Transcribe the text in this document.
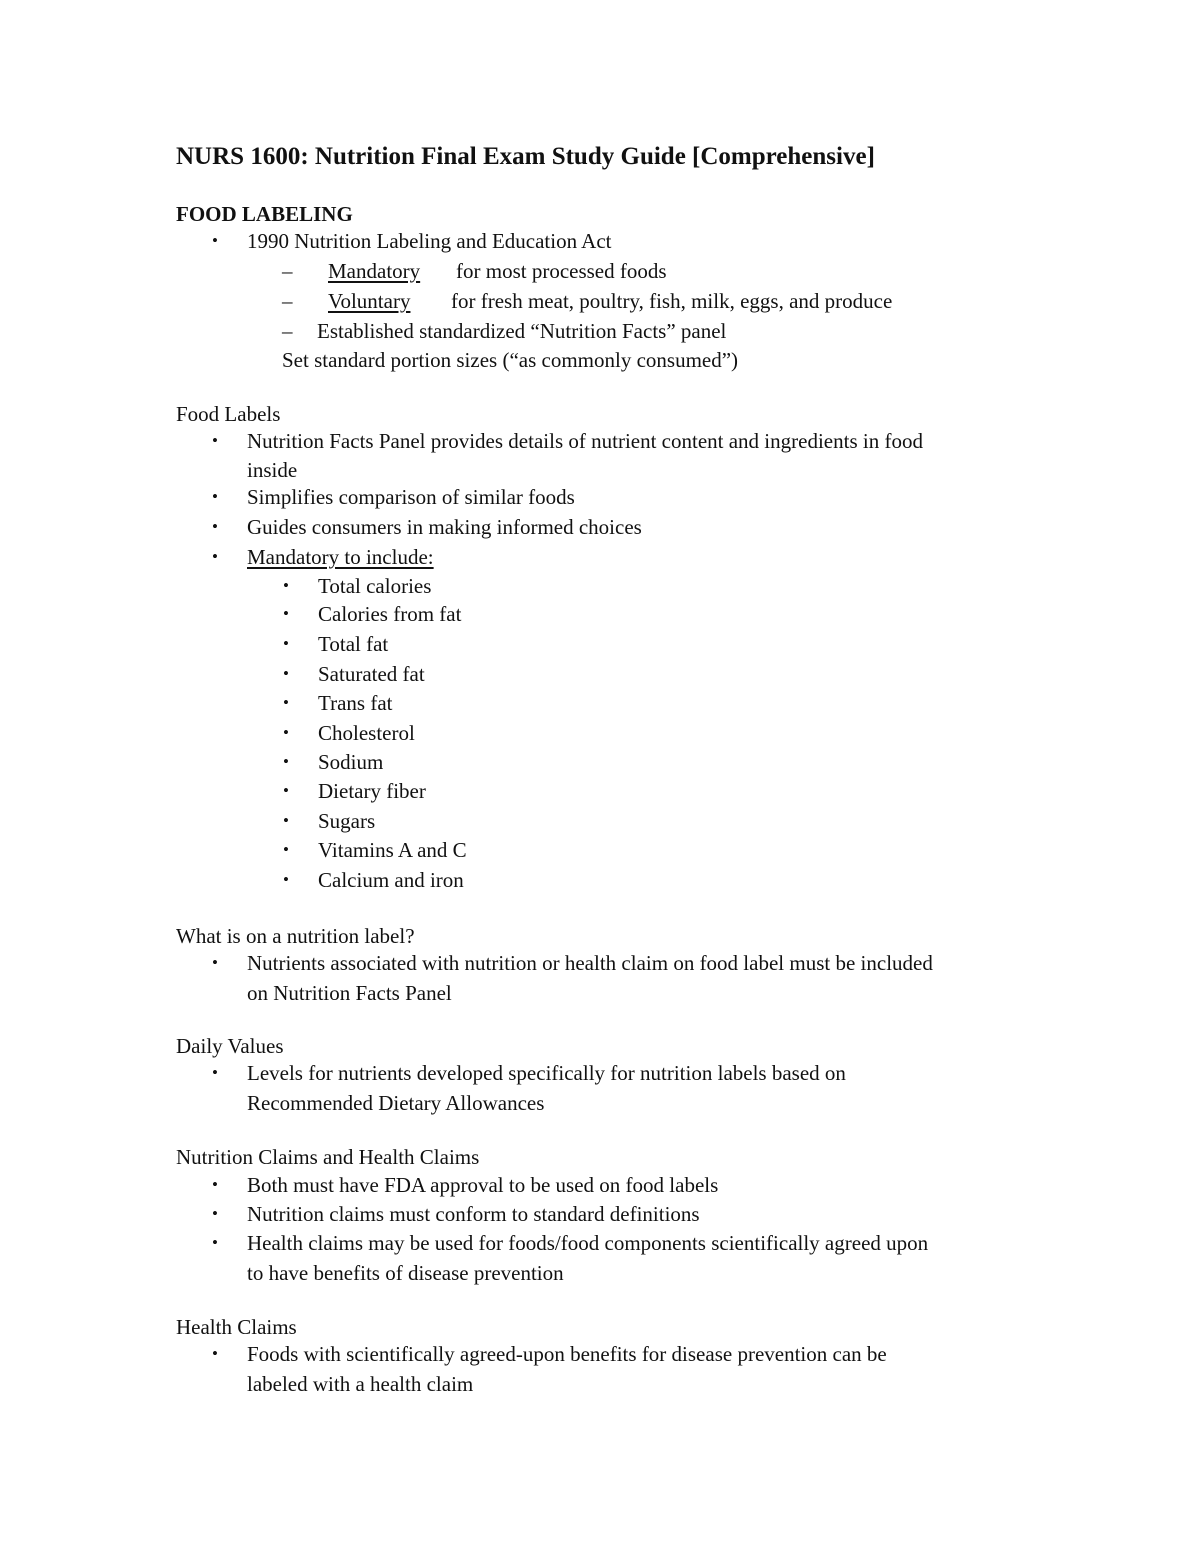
NURS 1600: Nutrition Final Exam Study Guide [Comprehensive]
FOOD LABELING
• 1990 Nutrition Labeling and Education Act
– Mandatory for most processed foods
– Voluntary for fresh meat, poultry, fish, milk, eggs, and produce
– Established standardized “Nutrition Facts” panel
Set standard portion sizes (“as commonly consumed”)
Food Labels
• Nutrition Facts Panel provides details of nutrient content and ingredients in food
inside
• Simplifies comparison of similar foods
• Guides consumers in making informed choices
• Mandatory to include:
• Total calories
• Calories from fat
• Total fat
• Saturated fat
• Trans fat
• Cholesterol
• Sodium
• Dietary fiber
• Sugars
• Vitamins A and C
• Calcium and iron
What is on a nutrition label?
• Nutrients associated with nutrition or health claim on food label must be included
on Nutrition Facts Panel
Daily Values
• Levels for nutrients developed specifically for nutrition labels based on
Recommended Dietary Allowances
Nutrition Claims and Health Claims
• Both must have FDA approval to be used on food labels
• Nutrition claims must conform to standard definitions
• Health claims may be used for foods/food components scientifically agreed upon
to have benefits of disease prevention
Health Claims
• Foods with scientifically agreed-upon benefits for disease prevention can be
labeled with a health claim
